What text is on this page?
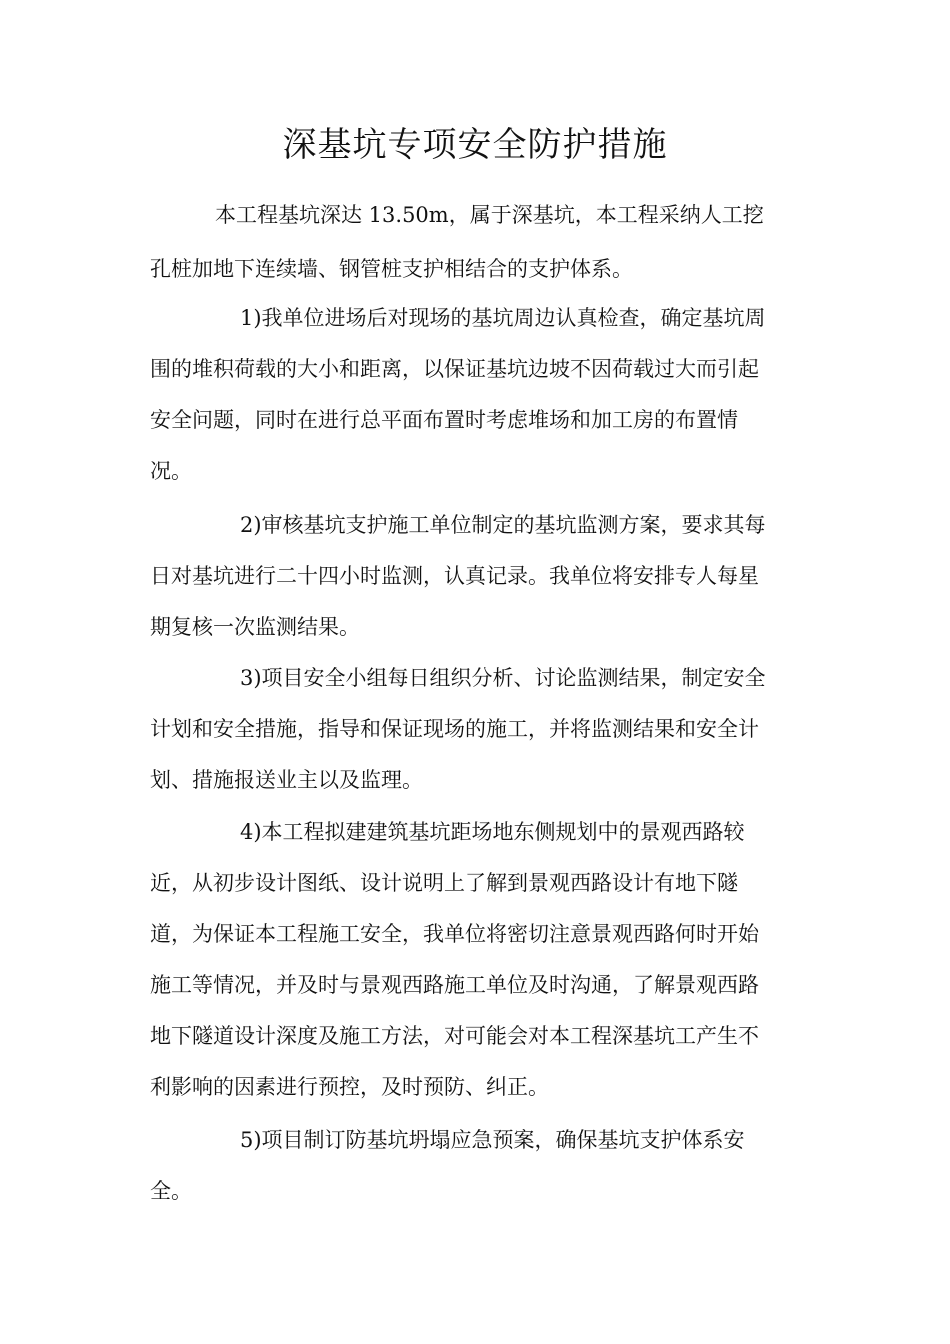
深基坑专项安全防护措施

本工程基坑深达 13.50m，属于深基坑，本工程采纳人工挖

孔桩加地下连续墙、钢管桩支护相结合的支护体系。

1)我单位进场后对现场的基坑周边认真检查，确定基坑周

围的堆积荷载的大小和距离，以保证基坑边坡不因荷载过大而引起

安全问题，同时在进行总平面布置时考虑堆场和加工房的布置情

况。

2)审核基坑支护施工单位制定的基坑监测方案，要求其每

日对基坑进行二十四小时监测，认真记录。我单位将安排专人每星

期复核一次监测结果。

3)项目安全小组每日组织分析、讨论监测结果，制定安全

计划和安全措施，指导和保证现场的施工，并将监测结果和安全计

划、措施报送业主以及监理。

4)本工程拟建建筑基坑距场地东侧规划中的景观西路较

近，从初步设计图纸、设计说明上了解到景观西路设计有地下隧

道，为保证本工程施工安全，我单位将密切注意景观西路何时开始

施工等情况，并及时与景观西路施工单位及时沟通，了解景观西路

地下隧道设计深度及施工方法，对可能会对本工程深基坑工产生不

利影响的因素进行预控，及时预防、纠正。

5)项目制订防基坑坍塌应急预案，确保基坑支护体系安

全。
